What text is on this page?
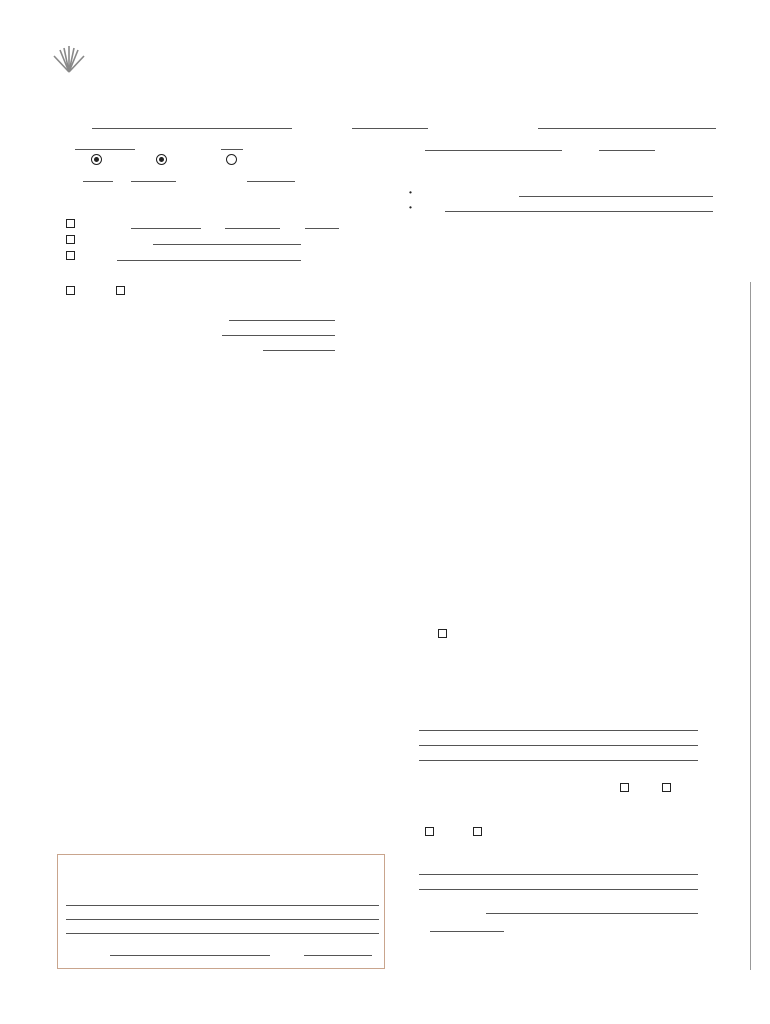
•
•
